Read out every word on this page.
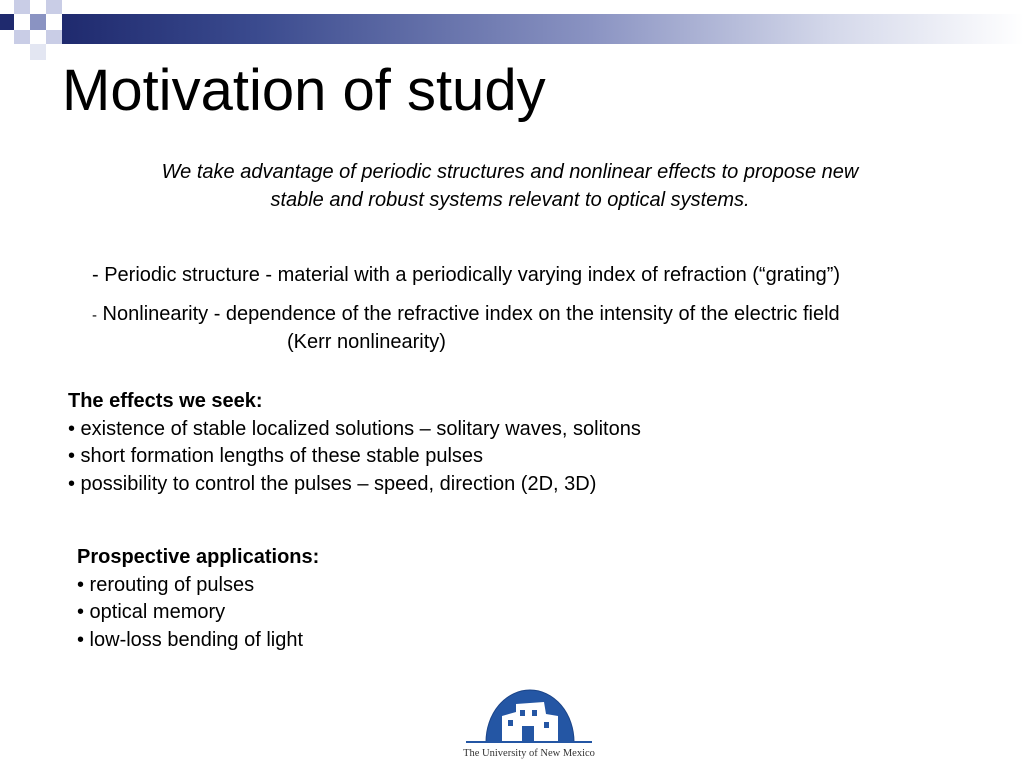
Motivation of study
We take advantage of periodic structures and nonlinear effects to propose new
stable and robust systems relevant to optical systems.
- Periodic structure - material with a periodically varying index of refraction (“grating”)
- Nonlinearity - dependence of the refractive index on the intensity of the electric field
(Kerr nonlinearity)
The effects we seek:
• existence of stable localized solutions – solitary waves, solitons
• short formation lengths of these stable pulses
• possibility to control the pulses – speed, direction (2D, 3D)
Prospective applications:
• rerouting of pulses
• optical memory
• low-loss bending of light
The University of New Mexico
